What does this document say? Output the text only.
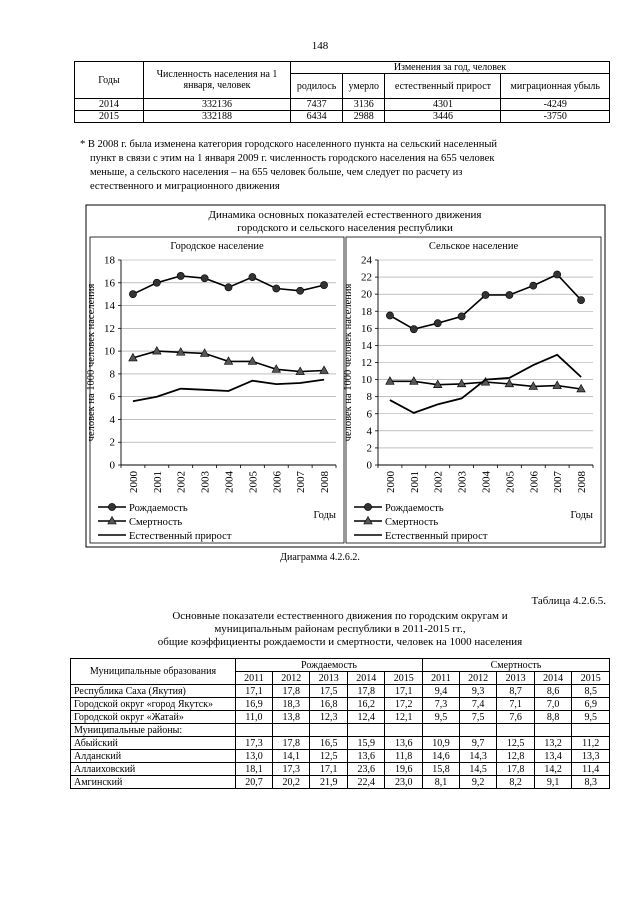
148
Годы	Численность населения на 1 января, человек	Изменения за год, человек			
		родилось	умерло	естественный прирост	миграционная убыль
2014	332136	7437	3136	4301	-4249
2015	332188	6434	2988	3446	-3750
* В 2008 г. была изменена категория городского населенного пункта на сельский населенный
пункт в связи с этим на 1 января 2009 г. численность городского населения на 655 человек
меньше, а сельского населения – на 655 человек больше, чем следует по расчету из
естественного и миграционного движения
Динамика основных показателей естественного движения
городского и сельского населения республики
Городское население
0
2
4
6
8
10
12
14
16
18
2000 2001 2002 2003 2004 2005 2006 2007 2008
человек на 1000 человек населения
Рождаемость
Смертность
Естественный прирост
Годы
Сельское население
0
2
4
6
8
10
12
14
16
18
20
22
24
2000 2001 2002 2003 2004 2005 2006 2007 2008
человек на 1000 человек населения
Рождаемость
Смертность
Естественный прирост
Годы
Диаграмма 4.2.6.2.
Таблица 4.2.6.5.
Основные показатели естественного движения по городским округам и
муниципальным районам республики в 2011-2015 гг.,
общие коэффициенты рождаемости и смертности, человек на 1000 населения
Муниципальные образования	Рождаемость					Смертность				
	2011	2012	2013	2014	2015	2011	2012	2013	2014	2015
Республика Саха (Якутия)	17,1	17,8	17,5	17,8	17,1	9,4	9,3	8,7	8,6	8,5
Городской округ «город Якутск»	16,9	18,3	16,8	16,2	17,2	7,3	7,4	7,1	7,0	6,9
Городской округ «Жатай»	11,0	13,8	12,3	12,4	12,1	9,5	7,5	7,6	8,8	9,5
Муниципальные районы:										
Абыйский	17,3	17,8	16,5	15,9	13,6	10,9	9,7	12,5	13,2	11,2
Алданский	13,0	14,1	12,5	13,6	11,8	14,6	14,3	12,8	13,4	13,3
Аллаиховский	18,1	17,3	17,1	23,6	19,6	15,8	14,5	17,8	14,2	11,4
Амгинский	20,7	20,2	21,9	22,4	23,0	8,1	9,2	8,2	9,1	8,3
